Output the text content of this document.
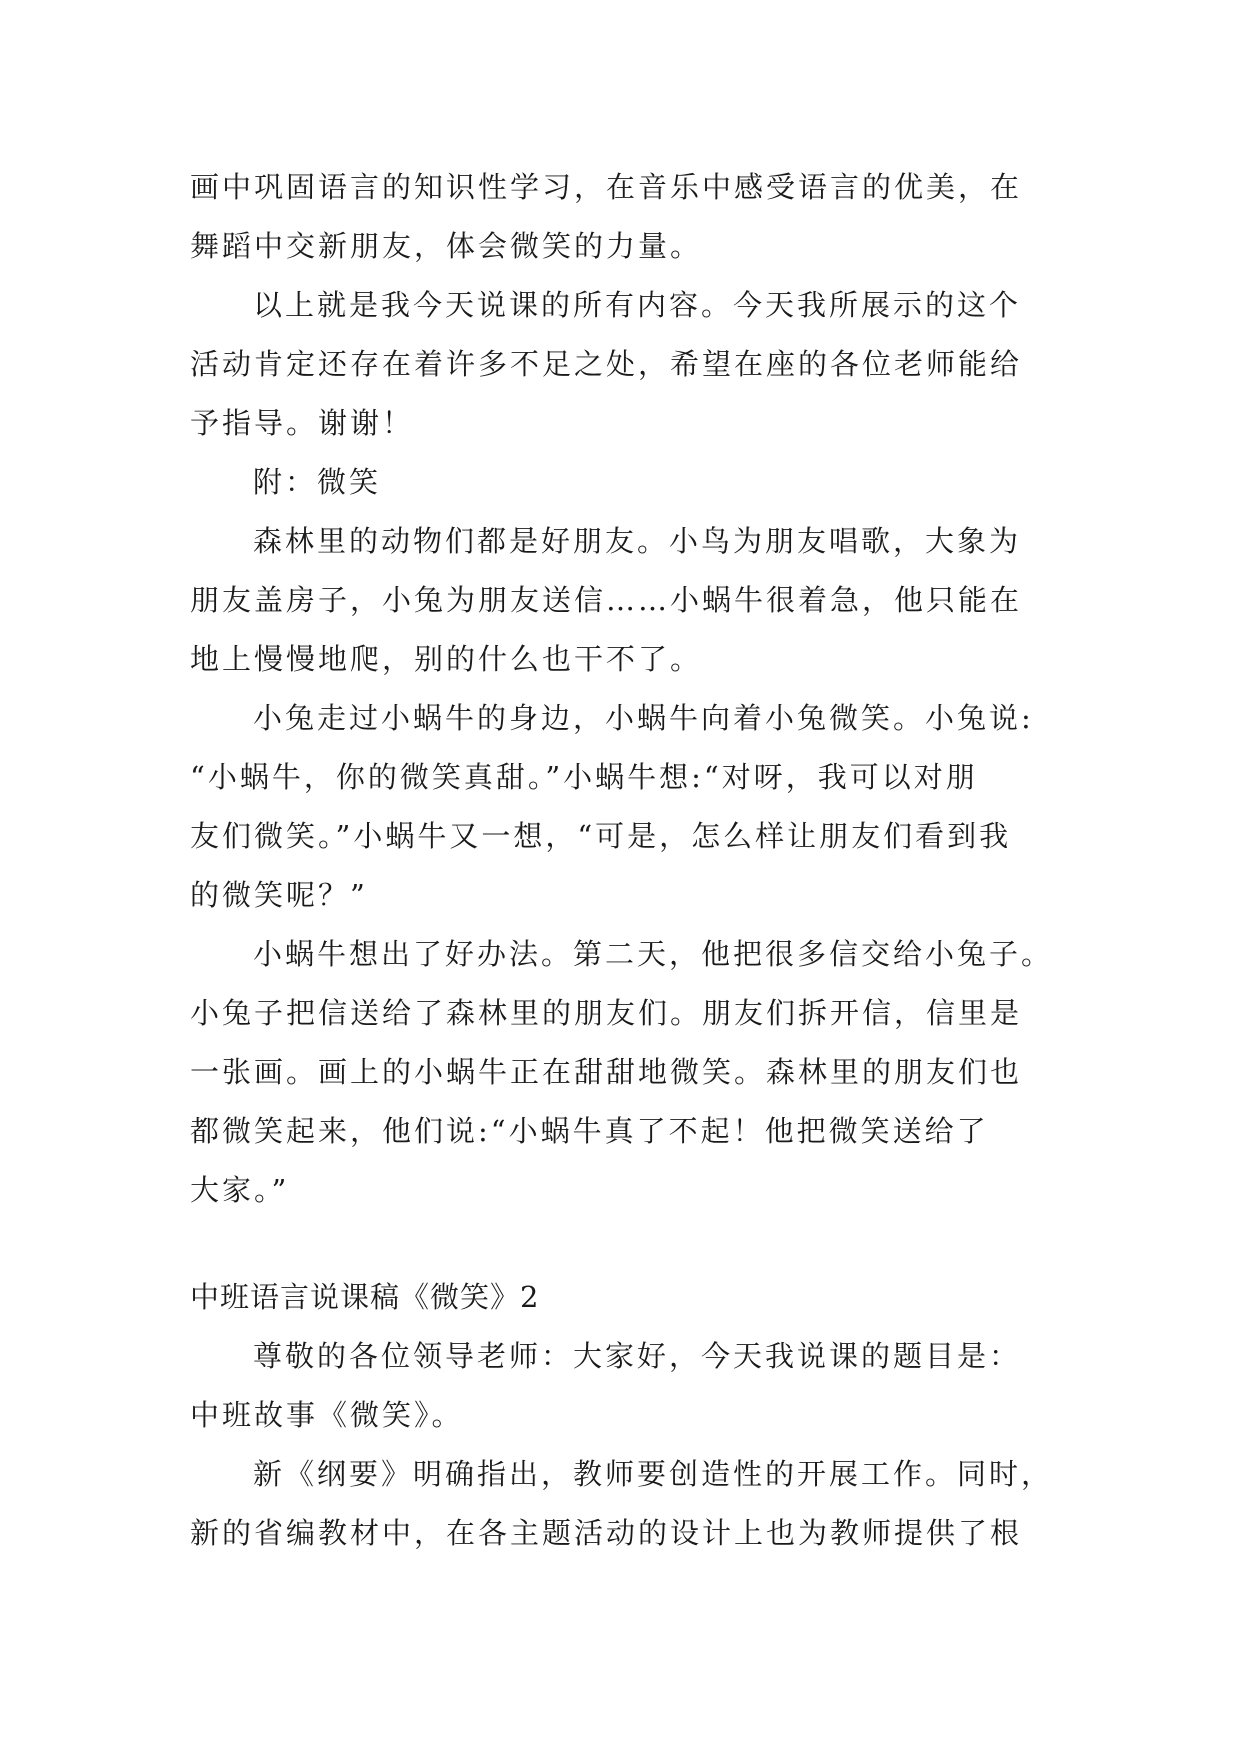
画中巩固语言的知识性学习，在音乐中感受语言的优美，在
舞蹈中交新朋友，体会微笑的力量。
以上就是我今天说课的所有内容。今天我所展示的这个
活动肯定还存在着许多不足之处，希望在座的各位老师能给
予指导。谢谢！
附：微笑
森林里的动物们都是好朋友。小鸟为朋友唱歌，大象为
朋友盖房子，小兔为朋友送信……小蜗牛很着急，他只能在
地上慢慢地爬，别的什么也干不了。
小兔走过小蜗牛的身边，小蜗牛向着小兔微笑。小兔说:
“小蜗牛，你的微笑真甜。”小蜗牛想:“对呀，我可以对朋
友们微笑。”小蜗牛又一想，“可是，怎么样让朋友们看到我
的微笑呢？”
小蜗牛想出了好办法。第二天，他把很多信交给小兔子。
小兔子把信送给了森林里的朋友们。朋友们拆开信，信里是
一张画。画上的小蜗牛正在甜甜地微笑。森林里的朋友们也
都微笑起来，他们说:“小蜗牛真了不起！他把微笑送给了
大家。”
中班语言说课稿《微笑》2
尊敬的各位领导老师：大家好，今天我说课的题目是：
中班故事《微笑》。
新《纲要》明确指出，教师要创造性的开展工作。同时，
新的省编教材中，在各主题活动的设计上也为教师提供了根
